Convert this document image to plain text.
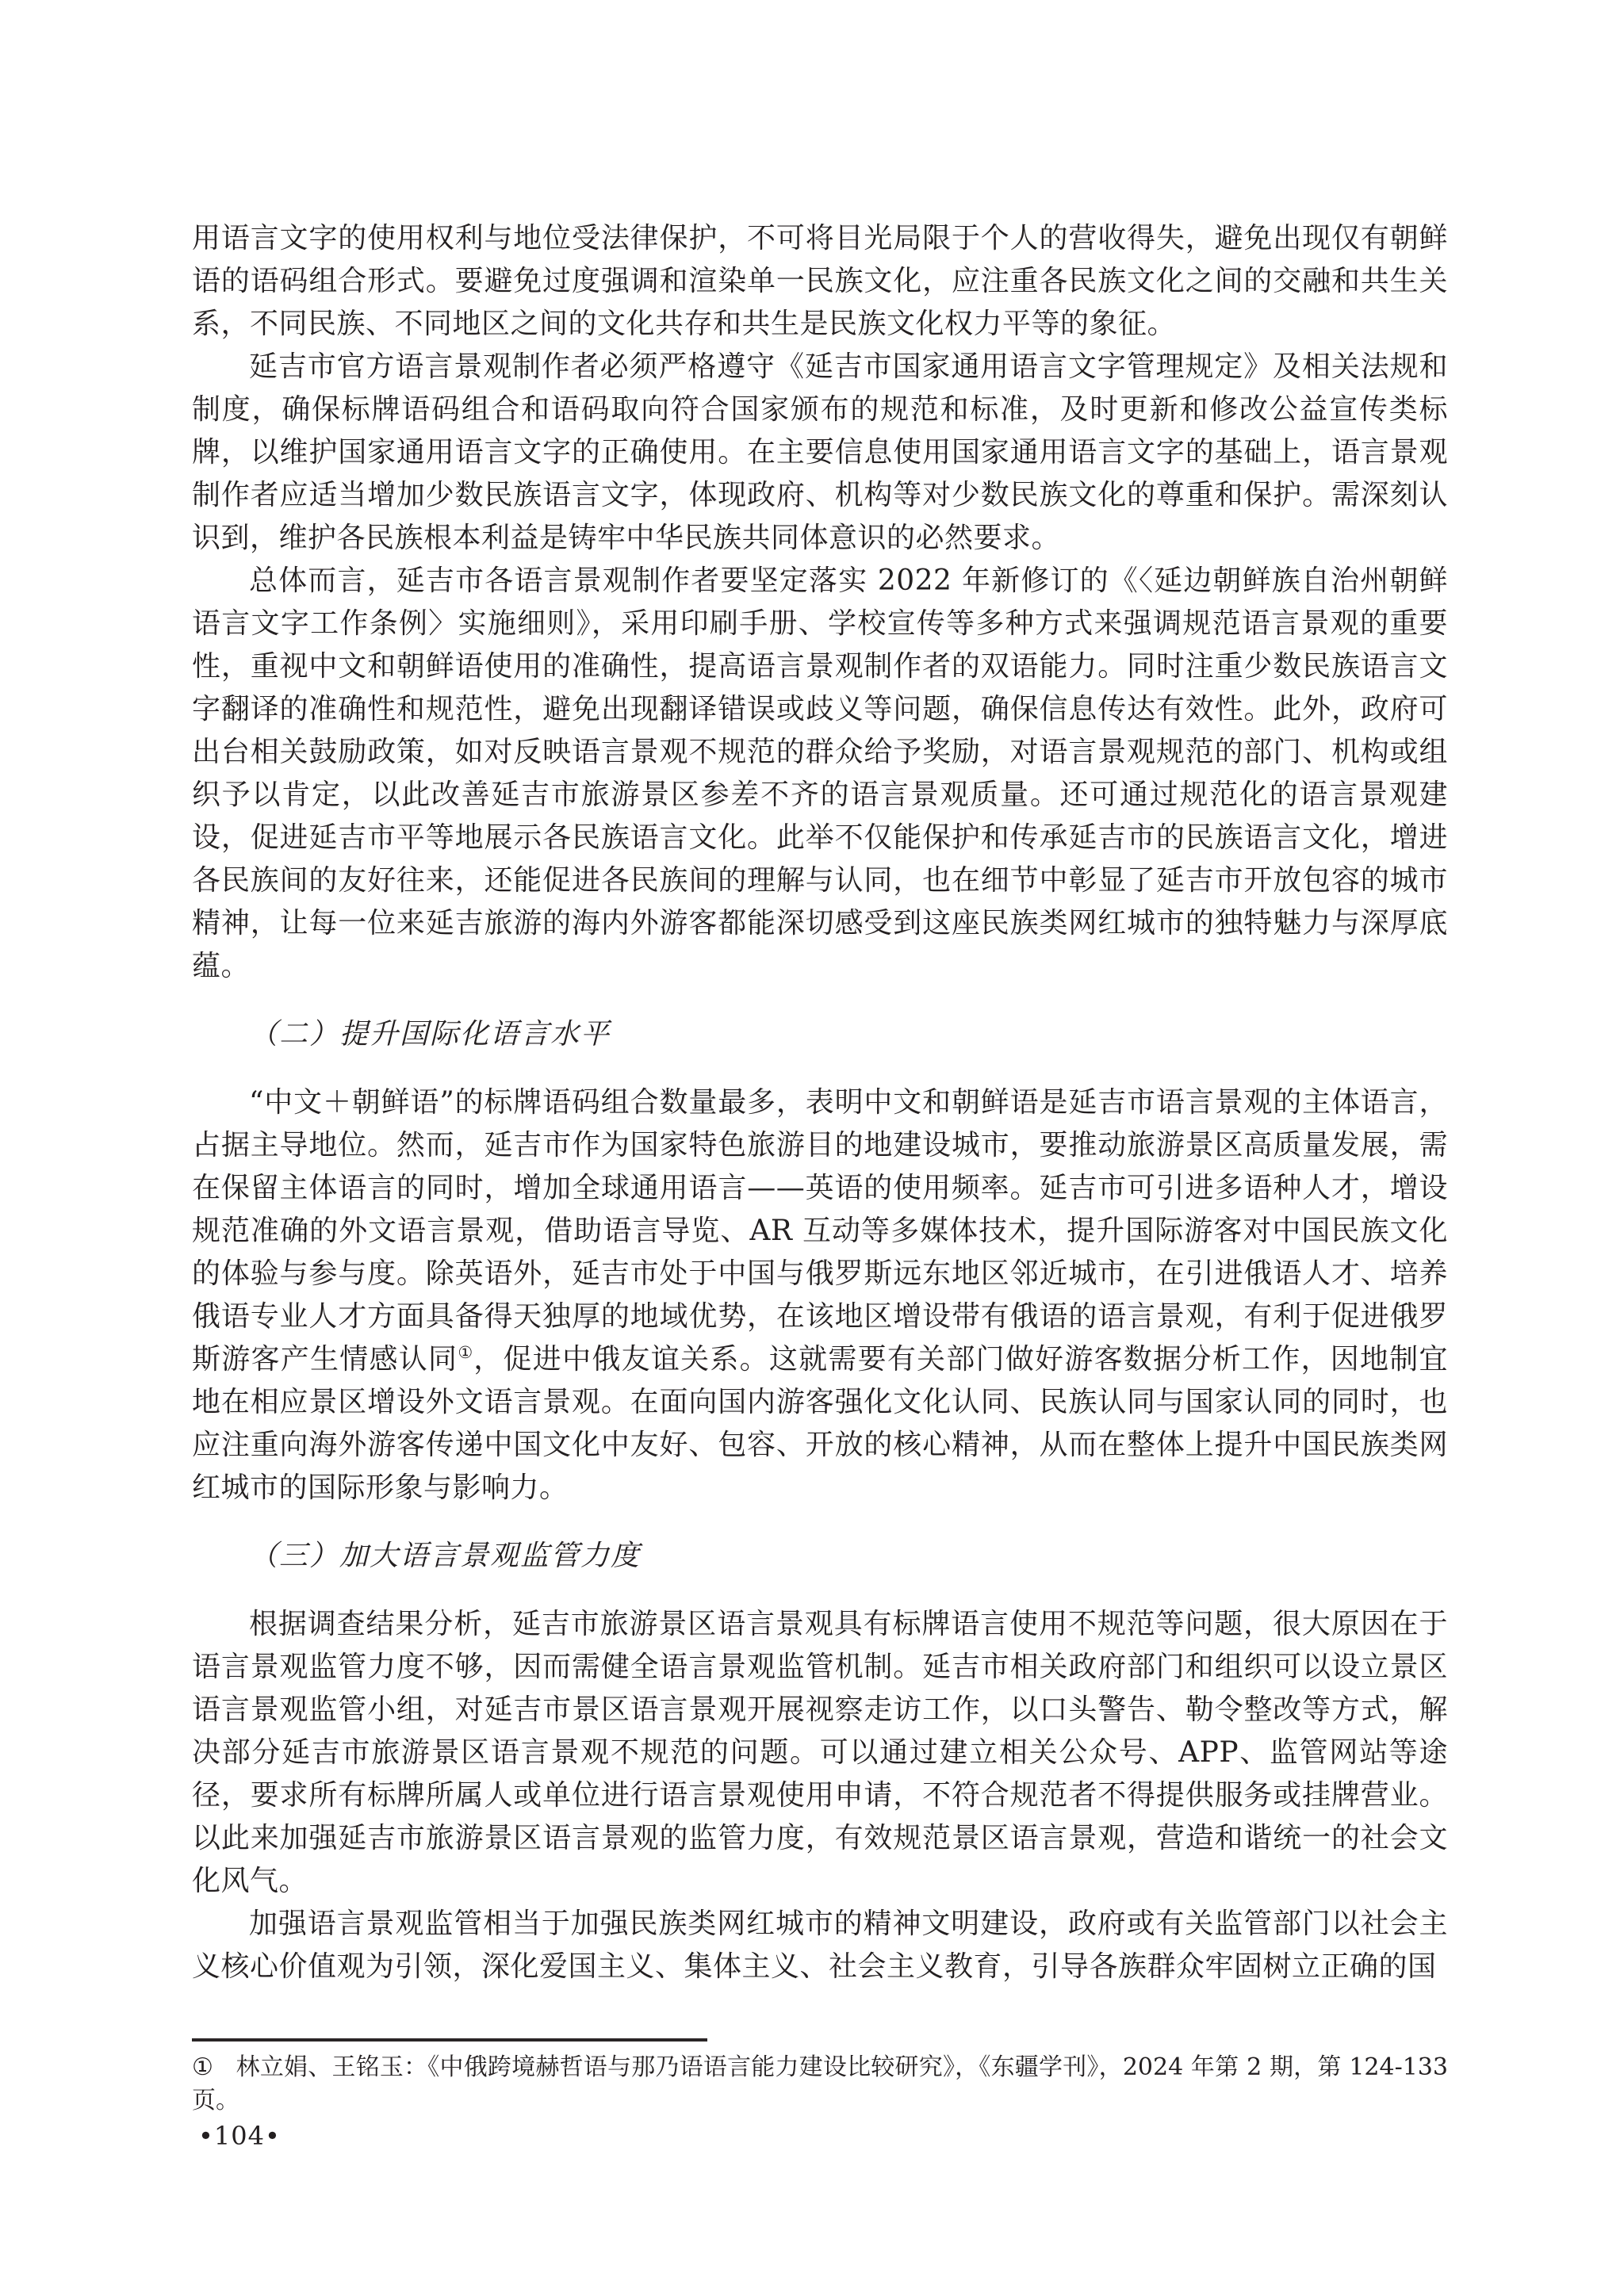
用语言文字的使用权利与地位受法律保护，不可将目光局限于个人的营收得失，避免出现仅有朝鲜语的语码组合形式。要避免过度强调和渲染单一民族文化，应注重各民族文化之间的交融和共生关系，不同民族、不同地区之间的文化共存和共生是民族文化权力平等的象征。

延吉市官方语言景观制作者必须严格遵守《延吉市国家通用语言文字管理规定》及相关法规和制度，确保标牌语码组合和语码取向符合国家颁布的规范和标准，及时更新和修改公益宣传类标牌，以维护国家通用语言文字的正确使用。在主要信息使用国家通用语言文字的基础上，语言景观制作者应适当增加少数民族语言文字，体现政府、机构等对少数民族文化的尊重和保护。需深刻认识到，维护各民族根本利益是铸牢中华民族共同体意识的必然要求。

总体而言，延吉市各语言景观制作者要坚定落实 2022 年新修订的《〈延边朝鲜族自治州朝鲜语言文字工作条例〉实施细则》，采用印刷手册、学校宣传等多种方式来强调规范语言景观的重要性，重视中文和朝鲜语使用的准确性，提高语言景观制作者的双语能力。同时注重少数民族语言文字翻译的准确性和规范性，避免出现翻译错误或歧义等问题，确保信息传达有效性。此外，政府可出台相关鼓励政策，如对反映语言景观不规范的群众给予奖励，对语言景观规范的部门、机构或组织予以肯定，以此改善延吉市旅游景区参差不齐的语言景观质量。还可通过规范化的语言景观建设，促进延吉市平等地展示各民族语言文化。此举不仅能保护和传承延吉市的民族语言文化，增进各民族间的友好往来，还能促进各民族间的理解与认同，也在细节中彰显了延吉市开放包容的城市精神，让每一位来延吉旅游的海内外游客都能深切感受到这座民族类网红城市的独特魅力与深厚底蕴。

（二）提升国际化语言水平

“中文＋朝鲜语”的标牌语码组合数量最多，表明中文和朝鲜语是延吉市语言景观的主体语言，占据主导地位。然而，延吉市作为国家特色旅游目的地建设城市，要推动旅游景区高质量发展，需在保留主体语言的同时，增加全球通用语言——英语的使用频率。延吉市可引进多语种人才，增设规范准确的外文语言景观，借助语言导览、AR 互动等多媒体技术，提升国际游客对中国民族文化的体验与参与度。除英语外，延吉市处于中国与俄罗斯远东地区邻近城市，在引进俄语人才、培养俄语专业人才方面具备得天独厚的地域优势，在该地区增设带有俄语的语言景观，有利于促进俄罗斯游客产生情感认同①，促进中俄友谊关系。这就需要有关部门做好游客数据分析工作，因地制宜地在相应景区增设外文语言景观。在面向国内游客强化文化认同、民族认同与国家认同的同时，也应注重向海外游客传递中国文化中友好、包容、开放的核心精神，从而在整体上提升中国民族类网红城市的国际形象与影响力。

（三）加大语言景观监管力度

根据调查结果分析，延吉市旅游景区语言景观具有标牌语言使用不规范等问题，很大原因在于语言景观监管力度不够，因而需健全语言景观监管机制。延吉市相关政府部门和组织可以设立景区语言景观监管小组，对延吉市景区语言景观开展视察走访工作，以口头警告、勒令整改等方式，解决部分延吉市旅游景区语言景观不规范的问题。可以通过建立相关公众号、APP、监管网站等途径，要求所有标牌所属人或单位进行语言景观使用申请，不符合规范者不得提供服务或挂牌营业。以此来加强延吉市旅游景区语言景观的监管力度，有效规范景区语言景观，营造和谐统一的社会文化风气。

加强语言景观监管相当于加强民族类网红城市的精神文明建设，政府或有关监管部门以社会主义核心价值观为引领，深化爱国主义、集体主义、社会主义教育，引导各族群众牢固树立正确的国

① 林立娟、王铭玉：《中俄跨境赫哲语与那乃语语言能力建设比较研究》，《东疆学刊》，2024 年第 2 期，第 124-133 页。

•104•
